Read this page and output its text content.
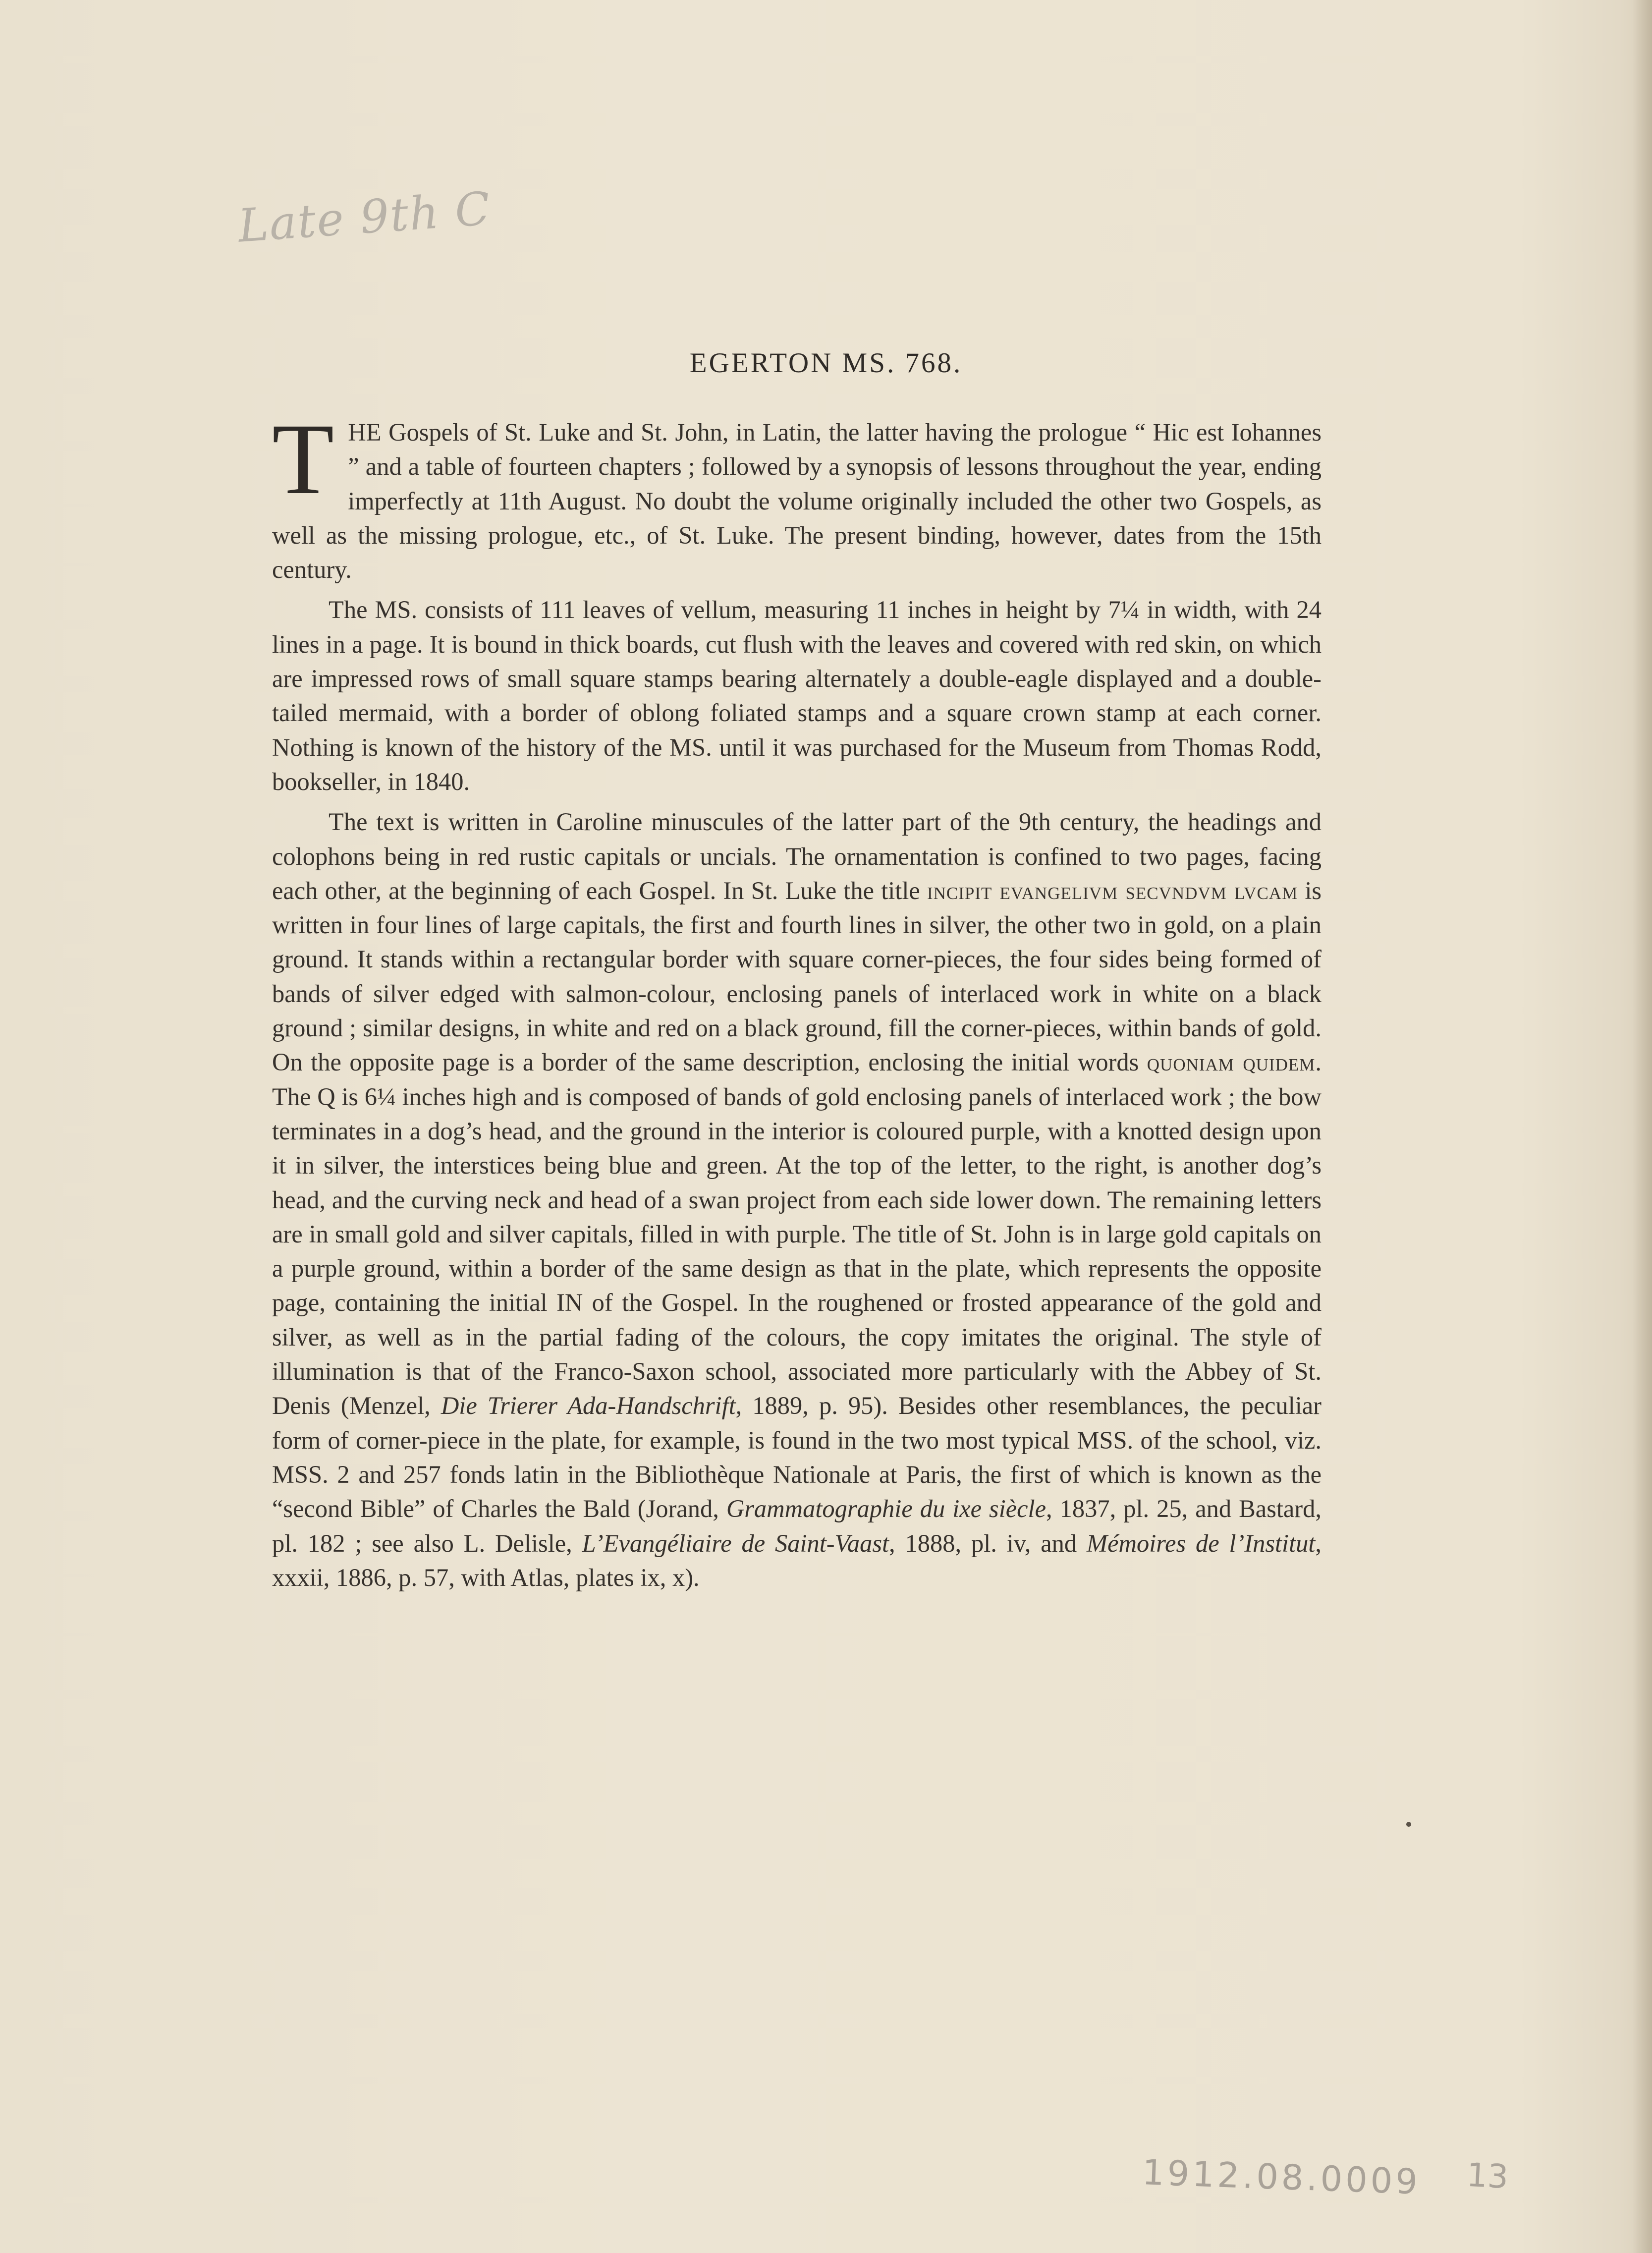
Late 9th C
EGERTON MS. 768.

THE Gospels of St. Luke and St. John, in Latin, the latter having the prologue “ Hic est Iohannes ” and a table of fourteen chapters ; followed by a synopsis of lessons throughout the year, ending imperfectly at 11th August. No doubt the volume originally included the other two Gospels, as well as the missing prologue, etc., of St. Luke. The present binding, however, dates from the 15th century.

The MS. consists of 111 leaves of vellum, measuring 11 inches in height by 7¼ in width, with 24 lines in a page. It is bound in thick boards, cut flush with the leaves and covered with red skin, on which are impressed rows of small square stamps bearing alternately a double-eagle displayed and a double-tailed mermaid, with a border of oblong foliated stamps and a square crown stamp at each corner. Nothing is known of the history of the MS. until it was purchased for the Museum from Thomas Rodd, bookseller, in 1840.

The text is written in Caroline minuscules of the latter part of the 9th century, the headings and colophons being in red rustic capitals or uncials. The ornamentation is confined to two pages, facing each other, at the beginning of each Gospel. In St. Luke the title incipit evangelivm secvndvm lvcam is written in four lines of large capitals, the first and fourth lines in silver, the other two in gold, on a plain ground. It stands within a rectangular border with square corner-pieces, the four sides being formed of bands of silver edged with salmon-colour, enclosing panels of interlaced work in white on a black ground ; similar designs, in white and red on a black ground, fill the corner-pieces, within bands of gold. On the opposite page is a border of the same description, enclosing the initial words quoniam quidem. The Q is 6¼ inches high and is composed of bands of gold enclosing panels of interlaced work ; the bow terminates in a dog’s head, and the ground in the interior is coloured purple, with a knotted design upon it in silver, the interstices being blue and green. At the top of the letter, to the right, is another dog’s head, and the curving neck and head of a swan project from each side lower down. The remaining letters are in small gold and silver capitals, filled in with purple. The title of St. John is in large gold capitals on a purple ground, within a border of the same design as that in the plate, which represents the opposite page, containing the initial IN of the Gospel. In the roughened or frosted appearance of the gold and silver, as well as in the partial fading of the colours, the copy imitates the original. The style of illumination is that of the Franco-Saxon school, associated more particularly with the Abbey of St. Denis (Menzel, Die Trierer Ada-Handschrift, 1889, p. 95). Besides other resemblances, the peculiar form of corner-piece in the plate, for example, is found in the two most typical MSS. of the school, viz. MSS. 2 and 257 fonds latin in the Bibliothèque Nationale at Paris, the first of which is known as the “second Bible” of Charles the Bald (Jorand, Grammatographie du ixe siècle, 1837, pl. 25, and Bastard, pl. 182 ; see also L. Delisle, L’Evangéliaire de Saint-Vaast, 1888, pl. iv, and Mémoires de l’Institut, xxxii, 1886, p. 57, with Atlas, plates ix, x).

1912.08.0009 13
